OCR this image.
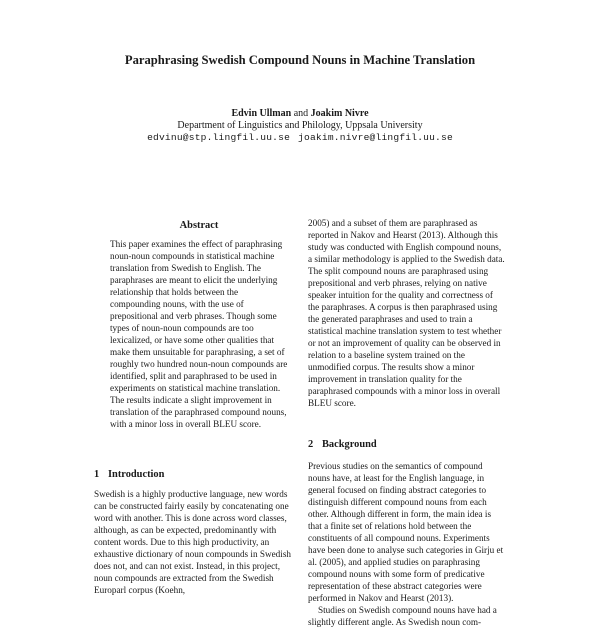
Paraphrasing Swedish Compound Nouns in Machine Translation
Edvin Ullman and Joakim Nivre
Department of Linguistics and Philology, Uppsala University
edvinu@stp.lingfil.uu.se joakim.nivre@lingfil.uu.se
Abstract

This paper examines the effect of paraphrasing noun-noun compounds in statistical machine translation from Swedish to English. The paraphrases are meant to elicit the underlying relationship that holds between the compounding nouns, with the use of prepositional and verb phrases. Though some types of noun-noun compounds are too lexicalized, or have some other qualities that make them unsuitable for paraphrasing, a set of roughly two hundred noun-noun compounds are identified, split and paraphrased to be used in experiments on statistical machine translation. The results indicate a slight improvement in translation of the paraphrased compound nouns, with a minor loss in overall BLEU score.

1 Introduction

Swedish is a highly productive language, new words can be constructed fairly easily by concatenating one word with another. This is done across word classes, although, as can be expected, predominantly with content words. Due to this high productivity, an exhaustive dictionary of noun compounds in Swedish does not, and can not exist. Instead, in this project, noun compounds are extracted from the Swedish Europarl corpus (Koehn,

2005) and a subset of them are paraphrased as reported in Nakov and Hearst (2013). Although this study was conducted with English compound nouns, a similar methodology is applied to the Swedish data. The split compound nouns are paraphrased using prepositional and verb phrases, relying on native speaker intuition for the quality and correctness of the paraphrases. A corpus is then paraphrased using the generated paraphrases and used to train a statistical machine translation system to test whether or not an improvement of quality can be observed in relation to a baseline system trained on the unmodified corpus. The results show a minor improvement in translation quality for the paraphrased compounds with a minor loss in overall BLEU score.

2 Background

Previous studies on the semantics of compound nouns have, at least for the English language, in general focused on finding abstract categories to distinguish different compound nouns from each other. Although different in form, the main idea is that a finite set of relations hold between the constituents of all compound nouns. Experiments have been done to analyse such categories in Girju et al. (2005), and applied studies on paraphrasing compound nouns with some form of predicative representation of these abstract categories were performed in Nakov and Hearst (2013).

Studies on Swedish compound nouns have had a slightly different angle. As Swedish noun com-
